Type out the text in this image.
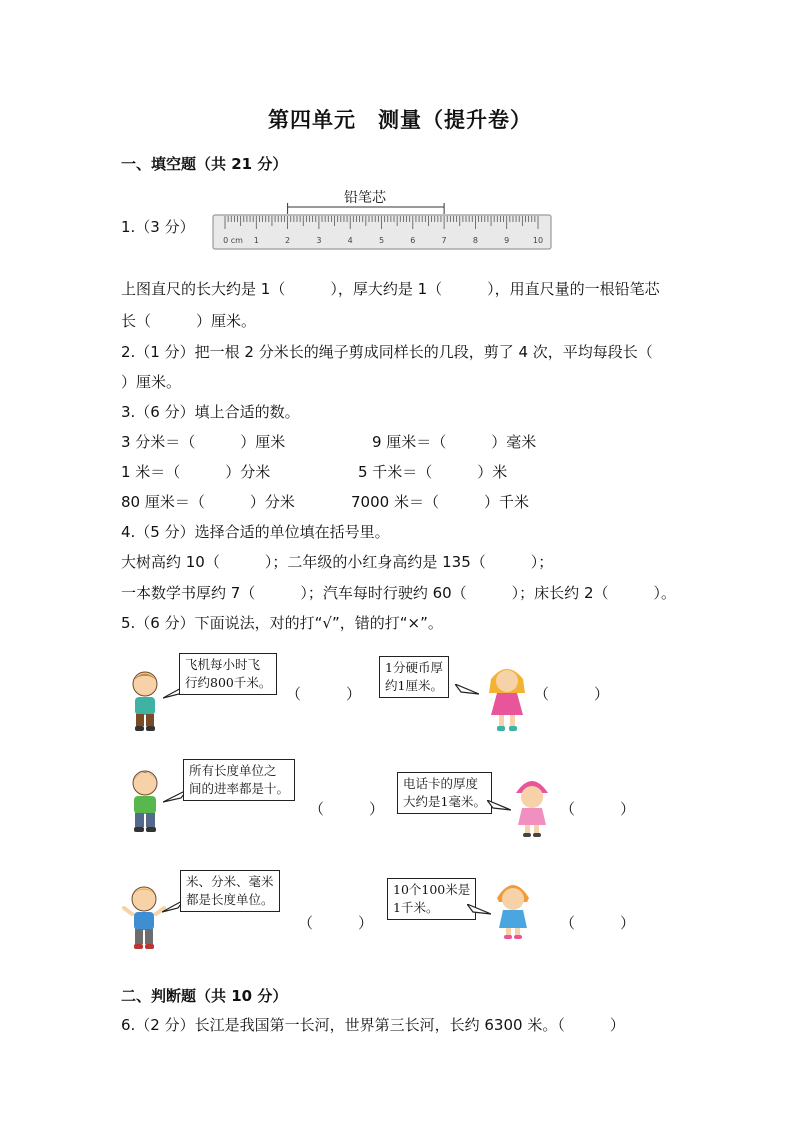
第四单元　测量（提升卷）
一、填空题（共 21 分）
1.（3 分）
铅笔芯
0 cm 1	2	3	4	5	6	7	8	9	10
上图直尺的长大约是 1（　　　），厚大约是 1（　　　），用直尺量的一根铅笔芯
长（　　　）厘米。
2.（1 分）把一根 2 分米长的绳子剪成同样长的几段，剪了 4 次，平均每段长（
）厘米。
3.（6 分）填上合适的数。
3 分米＝（　　　）厘米	9 厘米＝（　　　）毫米
1 米＝（　　　）分米	5 千米＝（　　　）米
80 厘米＝（　　　）分米	7000 米＝（　　　）千米
4.（5 分）选择合适的单位填在括号里。
大树高约 10（　　　）；二年级的小红身高约是 135（　　　）；
一本数学书厚约 7（　　　）；汽车每时行驶约 60（　　　）；床长约 2（　　　）。
5.（6 分）下面说法，对的打“√”，错的打“×”。
飞机每小时飞
行约800千米。
（　　　）
1分硬币厚
约1厘米。	（　　　）
所有长度单位之
间的进率都是十。
（　　　）
电话卡的厚度
大约是1毫米。	（　　　）
米、分米、毫米
都是长度单位。
（　　　）
10个100米是
1千米。
（　　　）
二、判断题（共 10 分）
6.（2 分）长江是我国第一长河，世界第三长河，长约 6300 米。（　　　）
